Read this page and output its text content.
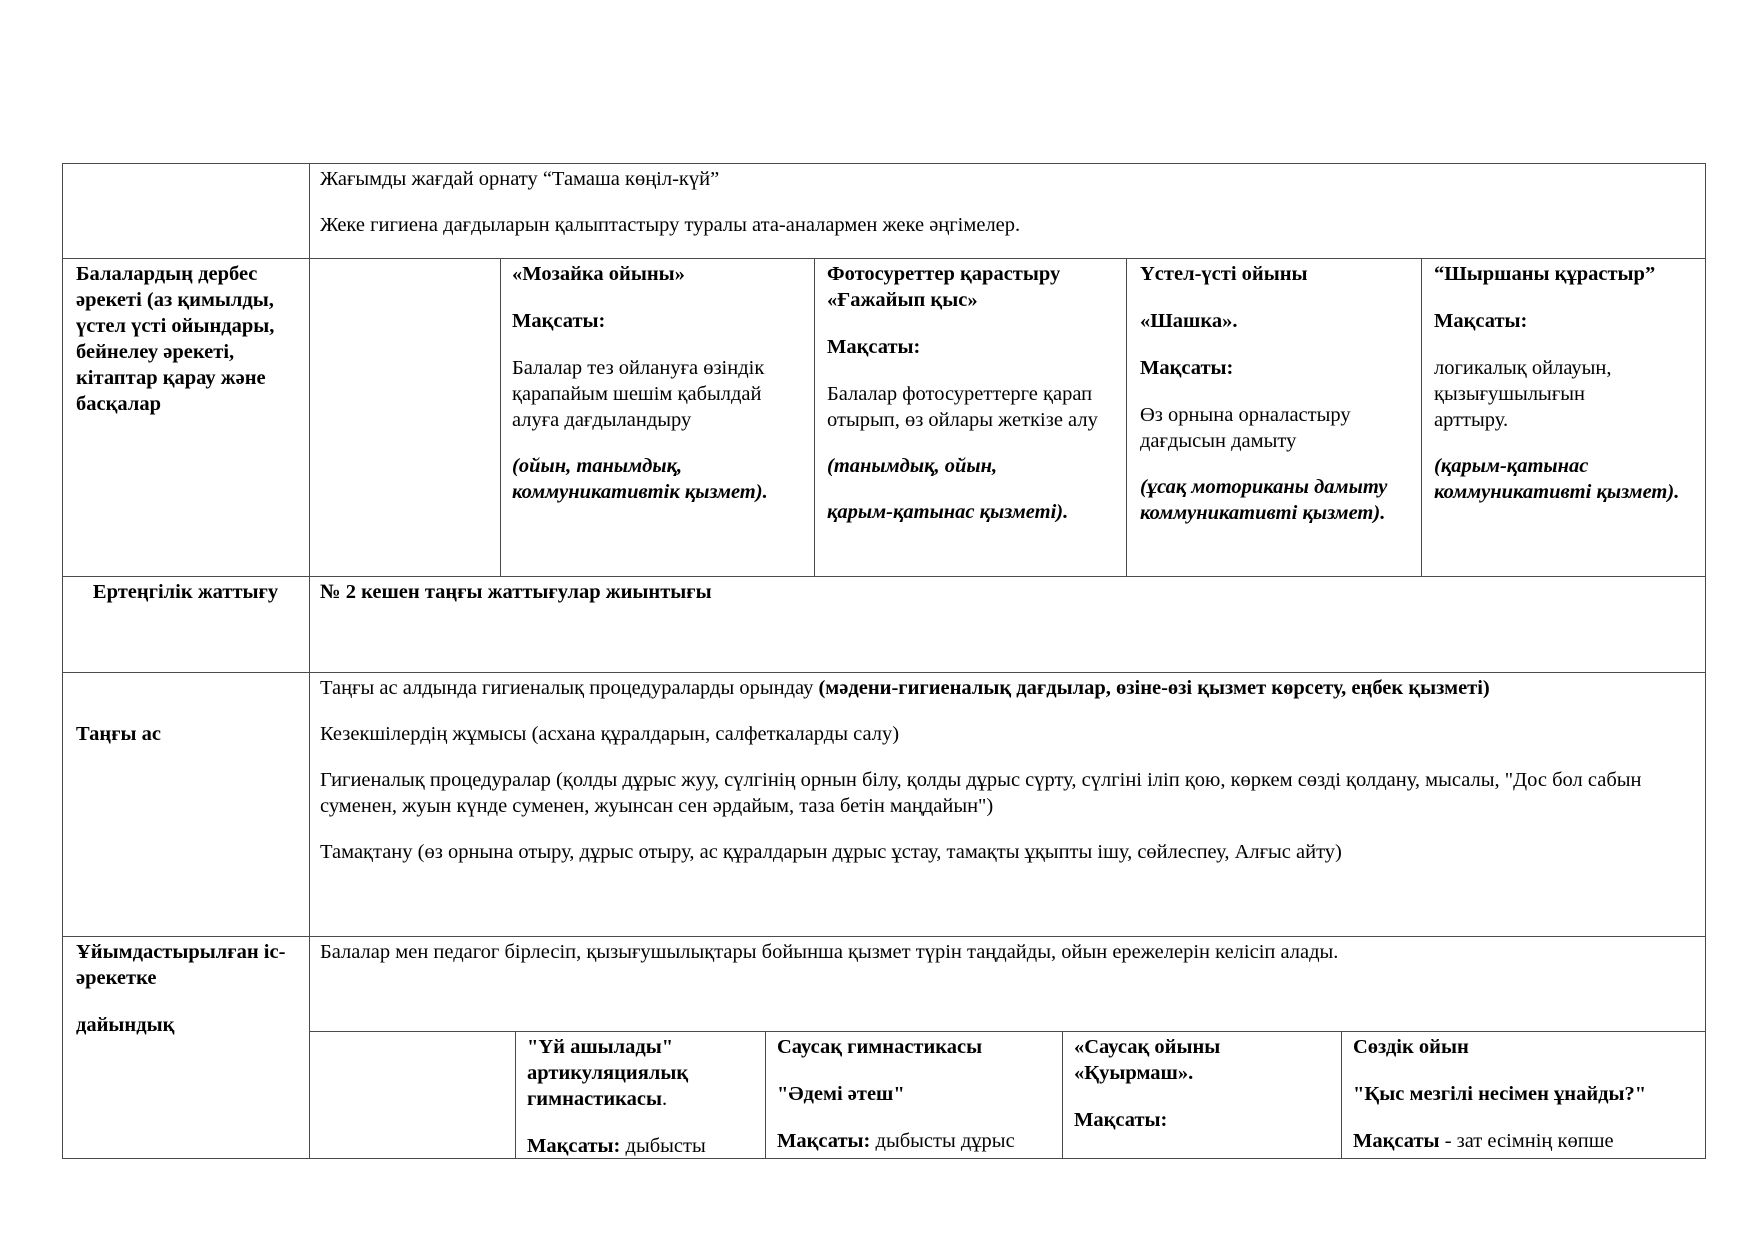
Жағымды жағдай орнату “Тамаша көңіл-күй”

Жеке гигиена дағдыларын қалыптастыру туралы ата-аналармен жеке әңгімелер.

Балалардың дербес әрекеті (аз қимылды, үстел үсті ойындары, бейнелеу әрекеті, кітаптар қарау және басқалар

«Мозайка ойыны»

Мақсаты:

Балалар тез ойлануға өзіндік қарапайым шешім қабылдай алуға дағдыландыру

(ойын, танымдық, коммуникативтік қызмет).

Фотосуреттер қарастыру «Ғажайып қыс»

Мақсаты:

Балалар фотосуреттерге қарап отырып, өз ойлары жеткізе алу

(танымдық, ойын,

қарым-қатынас қызметі).

Үстел-үсті ойыны

«Шашка».

Мақсаты:

Өз орнына орналастыру дағдысын дамыту

(ұсақ моториканы дамыту коммуникативті қызмет).

“Шыршаны құрастыр”

Мақсаты:

логикалық ойлауын, қызығушылығын арттыру.

(қарым-қатынас коммуникативті қызмет).

Ертеңгілік жаттығу	№ 2 кешен таңғы жаттығулар жиынтығы
Таңғы ас

Таңғы ас алдында гигиеналық процедураларды орындау (мәдени-гигиеналық дағдылар, өзіне-өзі қызмет көрсету, еңбек қызметі)

Кезекшілердің жұмысы (асхана құралдарын, салфеткаларды салу)

Гигиеналық процедуралар (қолды дұрыс жуу, сүлгінің орнын білу, қолды дұрыс сүрту, сүлгіні іліп қою, көркем сөзді қолдану, мысалы, "Дос бол сабын суменен, жуын күнде суменен, жуынсан сен әрдайым, таза бетін маңдайын")

Тамақтану (өз орнына отыру, дұрыс отыру, ас құралдарын дұрыс ұстау, тамақты ұқыпты ішу, сөйлеспеу, Алғыс айту)

Ұйымдастырылған іс-әрекетке

дайындық

Балалар мен педагог бірлесіп, қызығушылықтары бойынша қызмет түрін таңдайды, ойын ережелерін келісіп алады.

"Үй ашылады" артикуляциялық гимнастикасы.

Мақсаты: дыбысты

Саусақ гимнастикасы

"Әдемі әтеш"

Мақсаты: дыбысты дұрыс

«Саусақ ойыны «Қуырмаш».

Мақсаты:

Сөздік ойын

"Қыс мезгілі несімен ұнайды?"

Мақсаты - зат есімнің көпше
